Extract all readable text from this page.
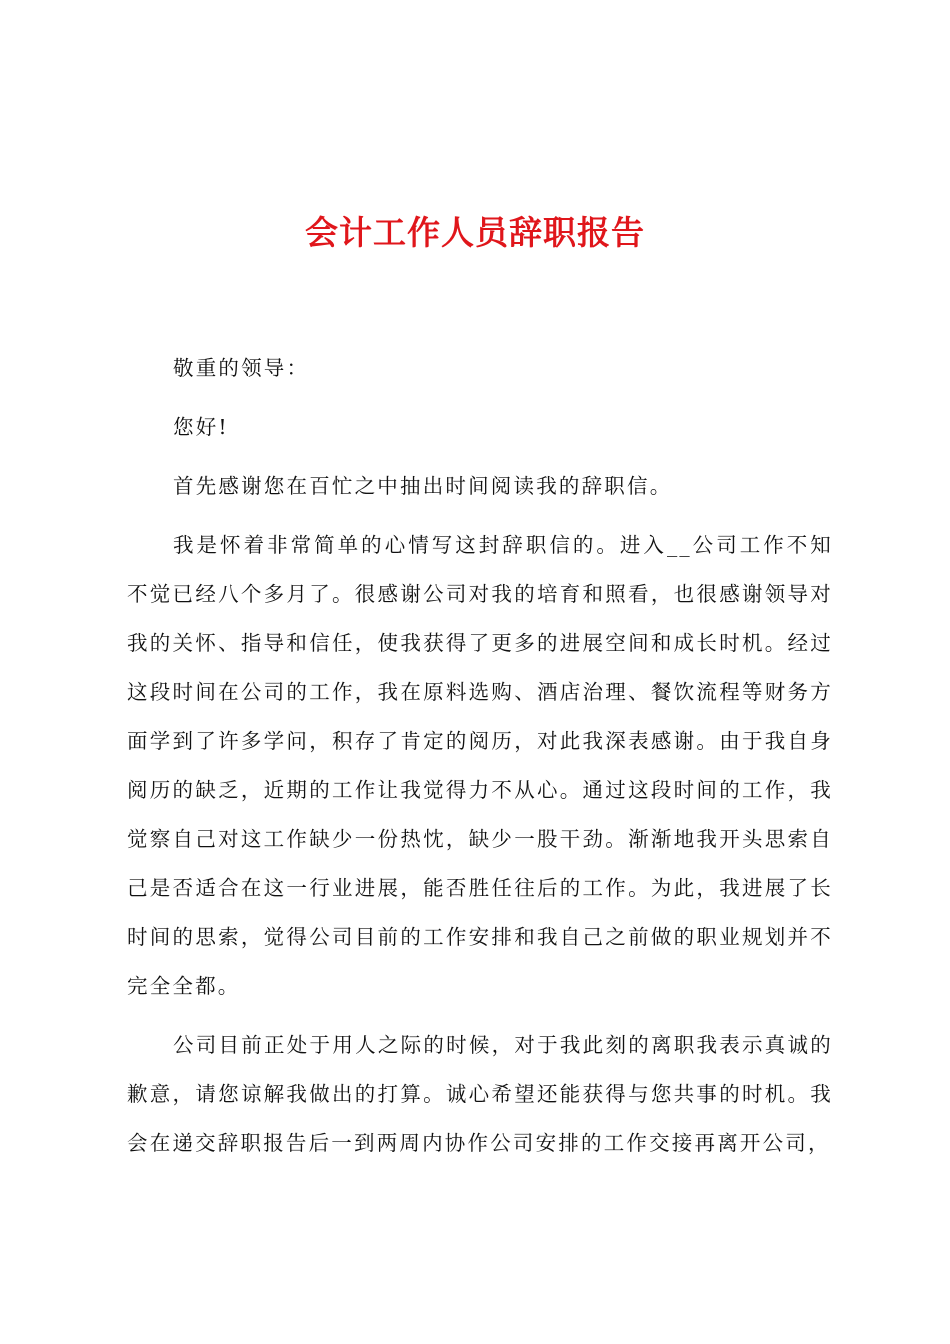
会计工作人员辞职报告

敬重的领导：

您好!

首先感谢您在百忙之中抽出时间阅读我的辞职信。

我是怀着非常简单的心情写这封辞职信的。进入__公司工作不知不觉已经八个多月了。很感谢公司对我的培育和照看，也很感谢领导对我的关怀、指导和信任，使我获得了更多的进展空间和成长时机。经过这段时间在公司的工作，我在原料选购、酒店治理、餐饮流程等财务方面学到了许多学问，积存了肯定的阅历，对此我深表感谢。由于我自身阅历的缺乏，近期的工作让我觉得力不从心。通过这段时间的工作，我觉察自己对这工作缺少一份热忱，缺少一股干劲。渐渐地我开头思索自己是否适合在这一行业进展，能否胜任往后的工作。为此，我进展了长时间的思索，觉得公司目前的工作安排和我自己之前做的职业规划并不完全全都。

公司目前正处于用人之际的时候，对于我此刻的离职我表示真诚的歉意，请您谅解我做出的打算。诚心希望还能获得与您共事的时机。我会在递交辞职报告后一到两周内协作公司安排的工作交接再离开公司，
